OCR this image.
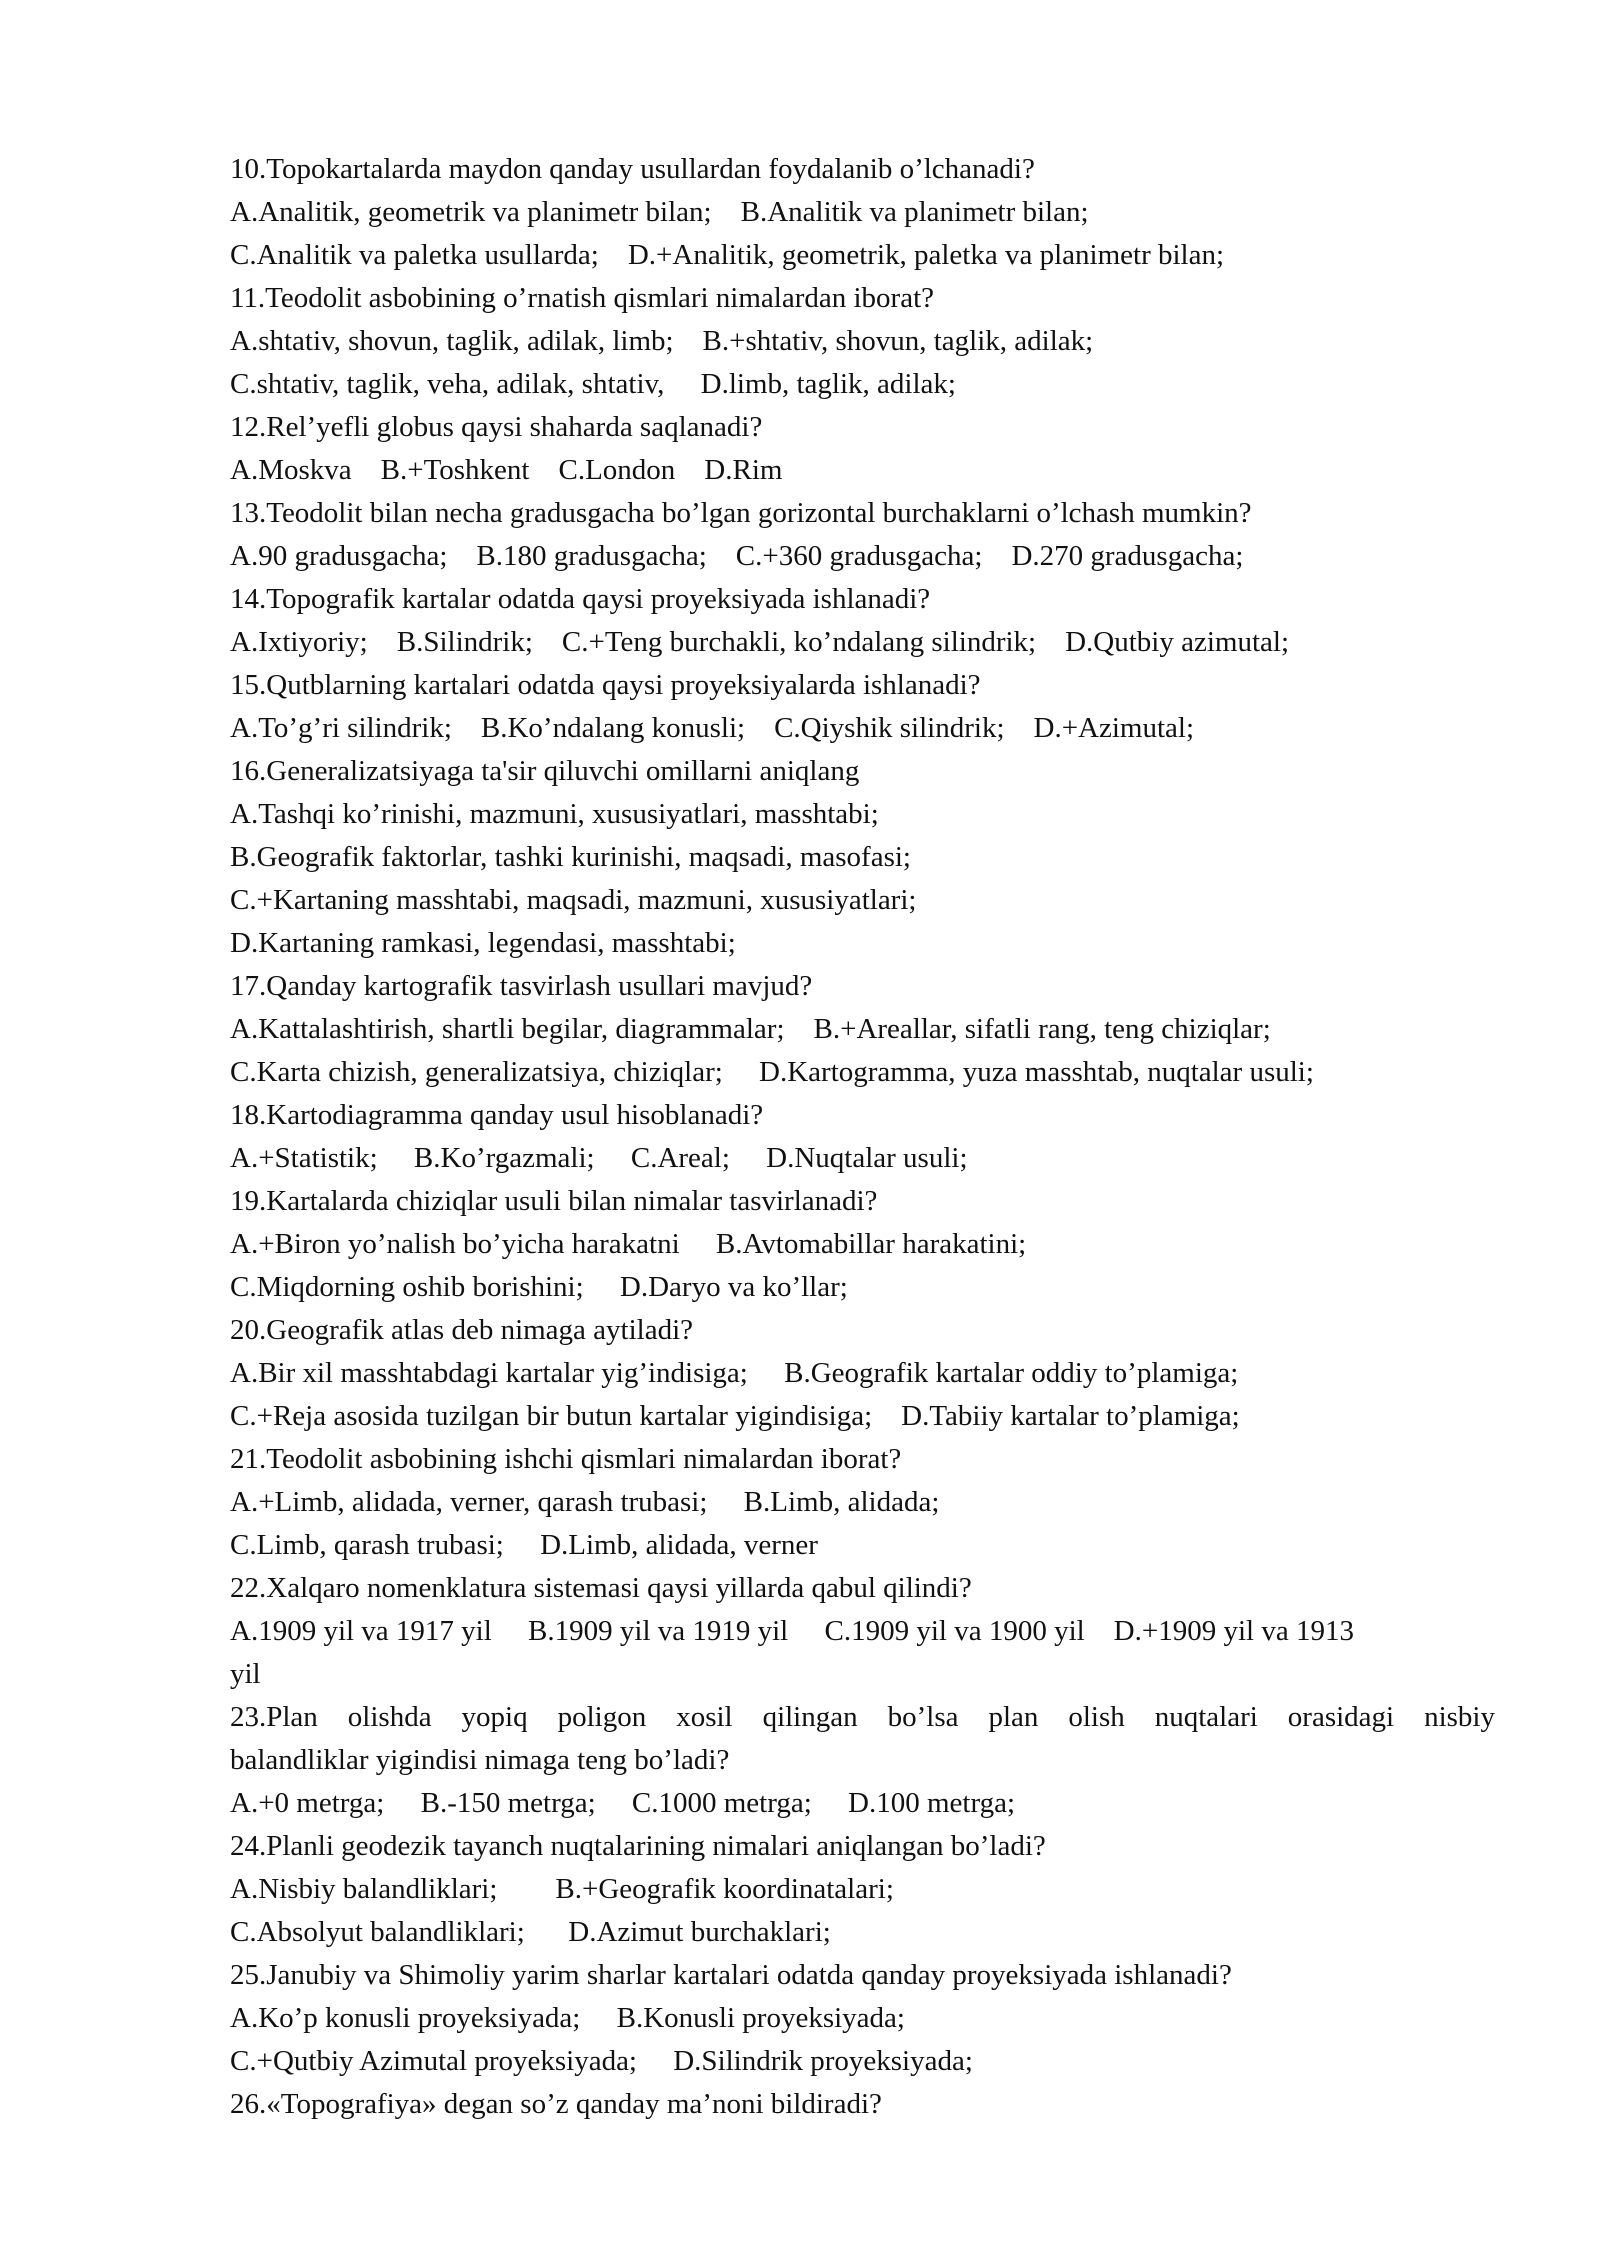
10.Topokartalarda maydon qanday usullardan foydalanib o’lchanadi?
A.Analitik, geometrik va planimetr bilan;    B.Analitik va planimetr bilan;
C.Analitik va paletka usullarda;    D.+Analitik, geometrik, paletka va planimetr bilan;
11.Teodolit asbobining o’rnatish qismlari nimalardan iborat?
A.shtativ, shovun, taglik, adilak, limb;    B.+shtativ, shovun, taglik, adilak;
C.shtativ, taglik, veha, adilak, shtativ,     D.limb, taglik, adilak;
12.Rel’yefli globus qaysi shaharda saqlanadi?
A.Moskva    B.+Toshkent    C.London    D.Rim
13.Teodolit bilan necha gradusgacha bo’lgan gorizontal burchaklarni o’lchash mumkin?
A.90 gradusgacha;    B.180 gradusgacha;    C.+360 gradusgacha;    D.270 gradusgacha;
14.Topografik kartalar odatda qaysi proyeksiyada ishlanadi?
A.Ixtiyoriy;    B.Silindrik;    C.+Teng burchakli, ko’ndalang silindrik;    D.Qutbiy azimutal;
15.Qutblarning kartalari odatda qaysi proyeksiyalarda ishlanadi?
A.To’g’ri silindrik;    B.Ko’ndalang konusli;    C.Qiyshik silindrik;    D.+Azimutal;
16.Generalizatsiyaga ta'sir qiluvchi omillarni aniqlang
A.Tashqi ko’rinishi, mazmuni, xususiyatlari, masshtabi;
B.Geografik faktorlar, tashki kurinishi, maqsadi, masofasi;
C.+Kartaning masshtabi, maqsadi, mazmuni, xususiyatlari;
D.Kartaning ramkasi, legendasi, masshtabi;
17.Qanday kartografik tasvirlash usullari mavjud?
A.Kattalashtirish, shartli begilar, diagrammalar;    B.+Areallar, sifatli rang, teng chiziqlar;
C.Karta chizish, generalizatsiya, chiziqlar;     D.Kartogramma, yuza masshtab, nuqtalar usuli;
18.Kartodiagramma qanday usul hisoblanadi?
A.+Statistik;     B.Ko’rgazmali;     C.Areal;     D.Nuqtalar usuli;
19.Kartalarda chiziqlar usuli bilan nimalar tasvirlanadi?
A.+Biron yo’nalish bo’yicha harakatni     B.Avtomabillar harakatini;
C.Miqdorning oshib borishini;     D.Daryo va ko’llar;
20.Geografik atlas deb nimaga aytiladi?
A.Bir xil masshtabdagi kartalar yig’indisiga;     B.Geografik kartalar oddiy to’plamiga;
C.+Reja asosida tuzilgan bir butun kartalar yigindisiga;    D.Tabiiy kartalar to’plamiga;
21.Teodolit asbobining ishchi qismlari nimalardan iborat?
A.+Limb, alidada, verner, qarash trubasi;     B.Limb, alidada;
C.Limb, qarash trubasi;     D.Limb, alidada, verner
22.Xalqaro nomenklatura sistemasi qaysi yillarda qabul qilindi?
A.1909 yil va 1917 yil     B.1909 yil va 1919 yil     C.1909 yil va 1900 yil    D.+1909 yil va 1913
yil
23.Plan olishda yopiq poligon xosil qilingan bo’lsa plan olish nuqtalari orasidagi nisbiy
balandliklar yigindisi nimaga teng bo’ladi?
A.+0 metrga;     B.-150 metrga;     C.1000 metrga;     D.100 metrga;
24.Planli geodezik tayanch nuqtalarining nimalari aniqlangan bo’ladi?
A.Nisbiy balandliklari;        B.+Geografik koordinatalari;
C.Absolyut balandliklari;      D.Azimut burchaklari;
25.Janubiy va Shimoliy yarim sharlar kartalari odatda qanday proyeksiyada ishlanadi?
A.Ko’p konusli proyeksiyada;     B.Konusli proyeksiyada;
C.+Qutbiy Azimutal proyeksiyada;     D.Silindrik proyeksiyada;
26.«Topografiya» degan so’z qanday ma’noni bildiradi?
